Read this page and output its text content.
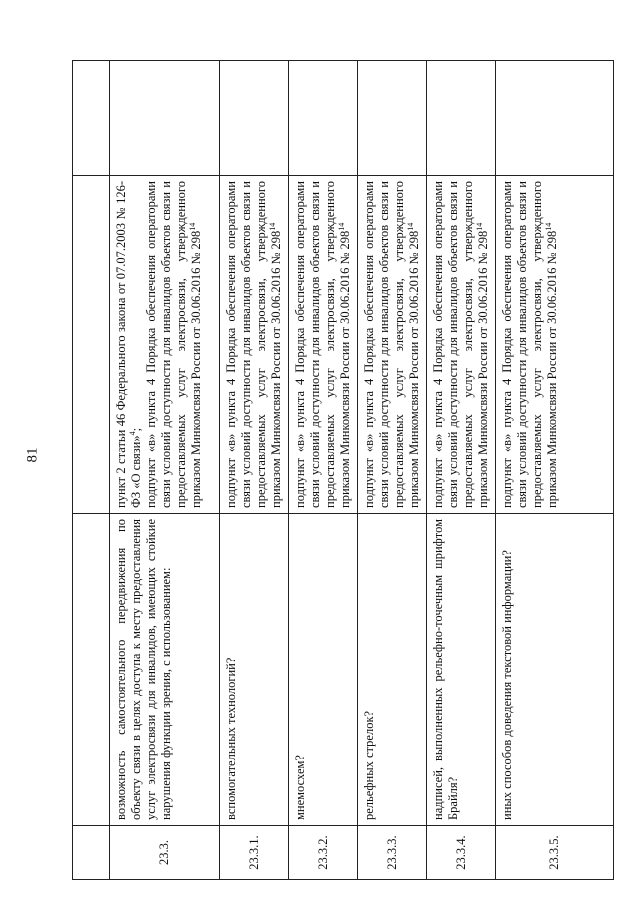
81

23.3.	возможность самостоятельного передвижения по объекту связи в целях доступа к месту предоставления услуг электросвязи для инвалидов, имеющих стойкие нарушения функции зрения, с использованием:	пункт 2 статьи 46 Федерального закона от 07.07.2003 № 126-ФЗ «О связи»$^4$;
подпункт «в» пункта 4 Порядка обеспечения операторами связи условий доступности для инвалидов объектов связи и предоставляемых услуг электросвязи, утвержденного приказом Минкомсвязи России от 30.06.2016 № $298^{14}$	
23.3.1.	вспомогательных технологий?	подпункт «в» пункта 4 Порядка обеспечения операторами связи условий доступности для инвалидов объектов связи и предоставляемых услуг электросвязи, утвержденного приказом Минкомсвязи России от 30.06.2016 № $298^{14}$	
23.3.2.	мнемосхем?	подпункт «в» пункта 4 Порядка обеспечения операторами связи условий доступности для инвалидов объектов связи и предоставляемых услуг электросвязи, утвержденного приказом Минкомсвязи России от 30.06.2016 № $298^{14}$	
23.3.3.	рельефных стрелок?	подпункт «в» пункта 4 Порядка обеспечения операторами связи условий доступности для инвалидов объектов связи и предоставляемых услуг электросвязи, утвержденного приказом Минкомсвязи России от 30.06.2016 № $298^{14}$	
23.3.4.	надписей, выполненных рельефно-точечным шрифтом Брайля?	подпункт «в» пункта 4 Порядка обеспечения операторами связи условий доступности для инвалидов объектов связи и предоставляемых услуг электросвязи, утвержденного приказом Минкомсвязи России от 30.06.2016 № $298^{14}$	
23.3.5.	иных способов доведения текстовой информации?	подпункт «в» пункта 4 Порядка обеспечения операторами связи условий доступности для инвалидов объектов связи и предоставляемых услуг электросвязи, утвержденного приказом Минкомсвязи России от 30.06.2016 № $298^{14}$	
